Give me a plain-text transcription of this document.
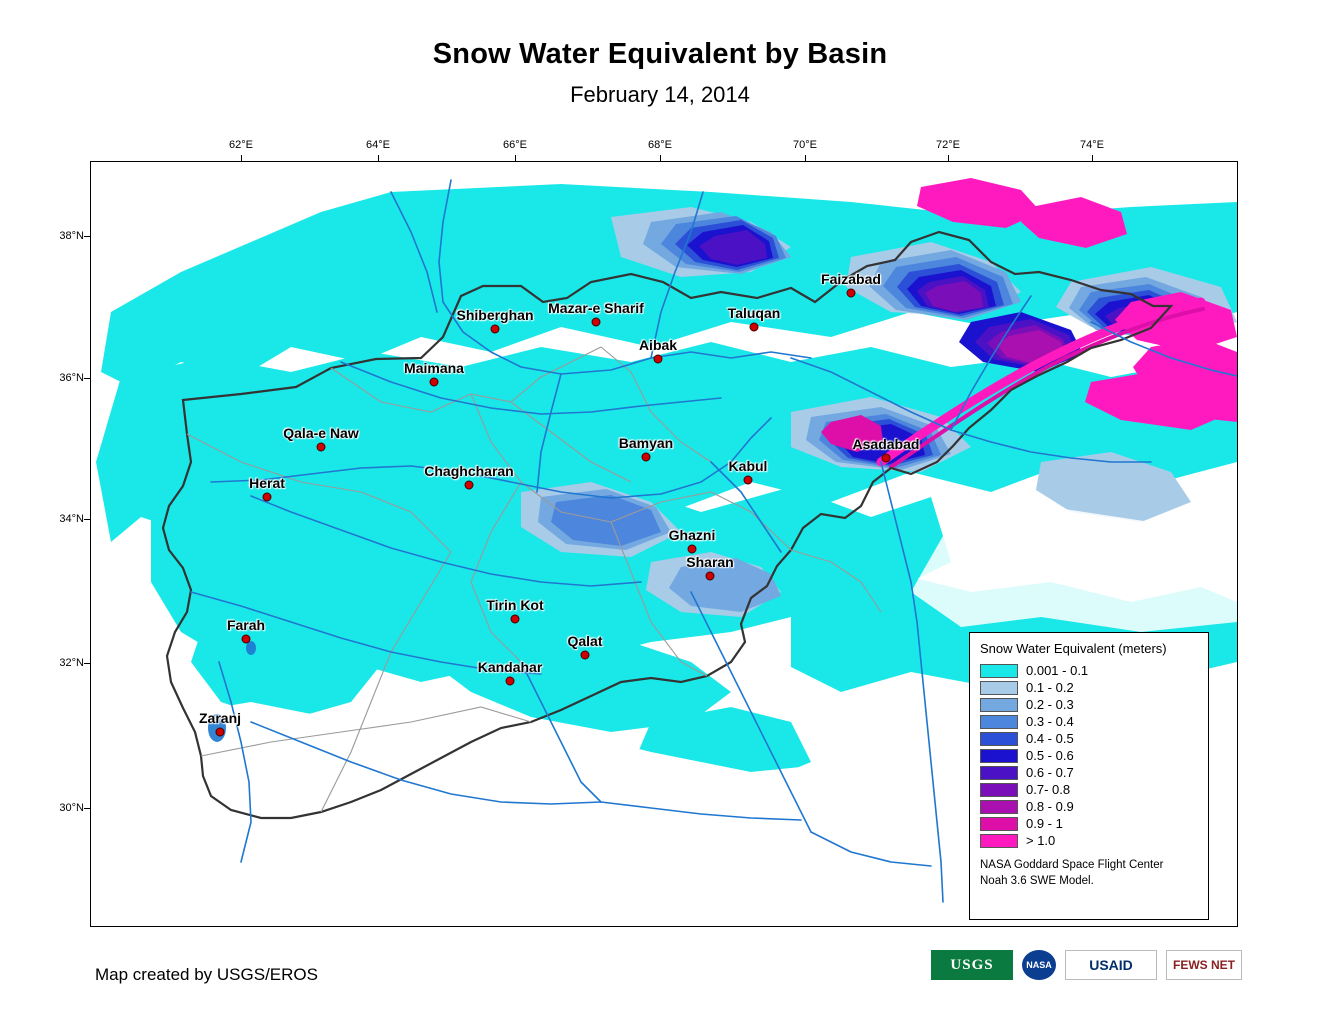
Snow Water Equivalent by Basin
February 14, 2014
Snow Water Equivalent (meters)
0.001 - 0.1
0.1 - 0.2
0.2 - 0.3
0.3 - 0.4
0.4 - 0.5
0.5 - 0.6
0.6 - 0.7
0.7- 0.8
0.8 - 0.9
0.9 - 1
> 1.0
NASA Goddard Space Flight Center
Noah 3.6 SWE Model.
Faizabad
Shiberghan Mazar-e Sharif	Taluqan
Aibak
Maimana
Qala-e Naw
Bamyan	Asadabad
Kabul
Chaghcharan
Herat
Ghazni
Sharan
Tirin Kot
Farah
Qalat
Kandahar
Zaranj
62°E	64°E	66°E	68°E	70°E	72°E	74°E
38°N
36°N
34°N
32°N
30°N
Map created by USGS/EROS
USGS	NASA	USAID	FEWS NET
